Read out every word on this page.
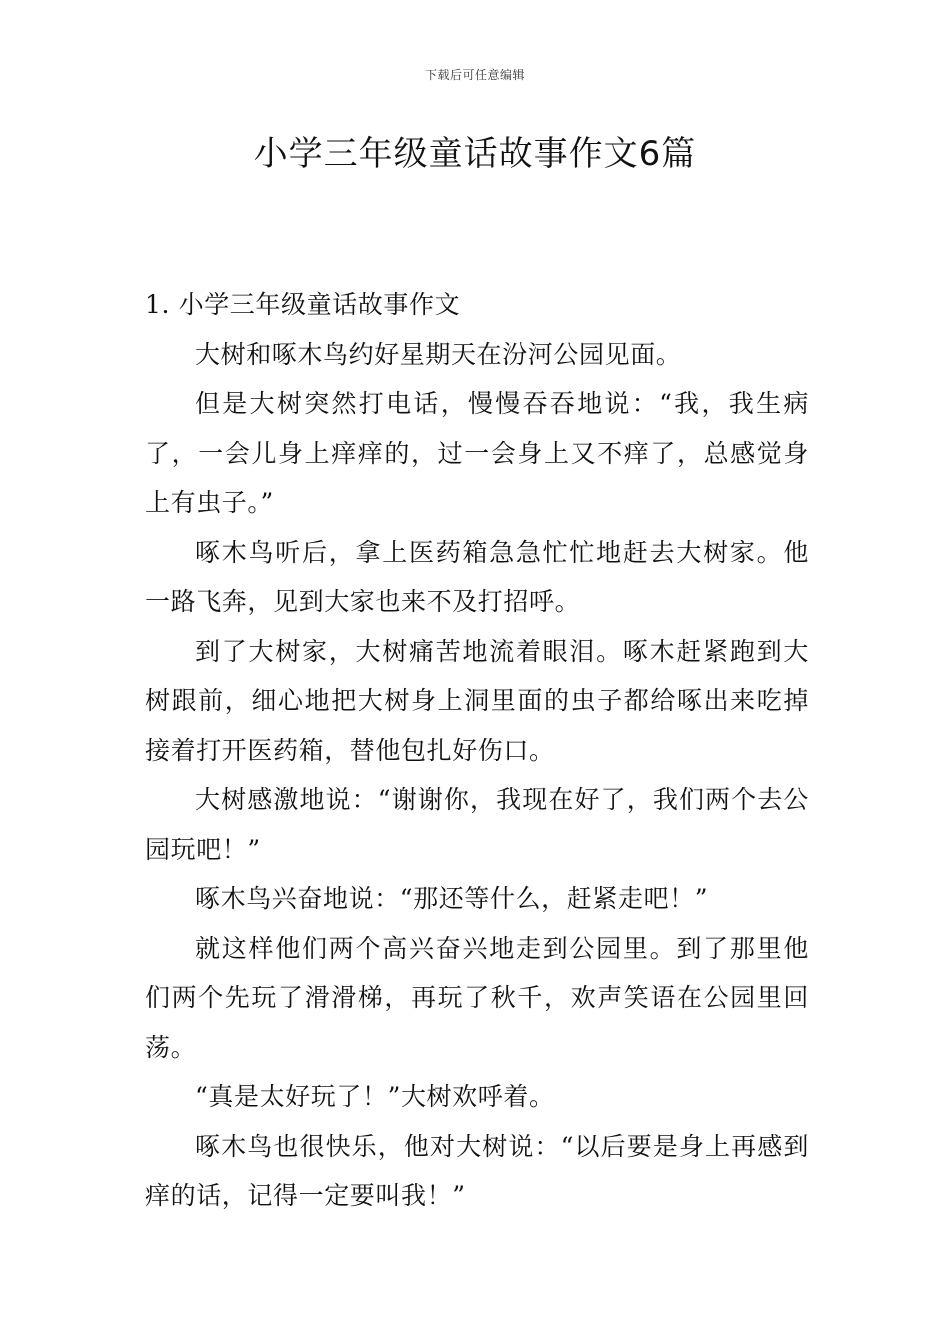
下载后可任意编辑
小学三年级童话故事作文6篇
1. 小学三年级童话故事作文

大树和啄木鸟约好星期天在汾河公园见面。

但是大树突然打电话，慢慢吞吞地说：“我，我生病了，一会儿身上痒痒的，过一会身上又不痒了，总感觉身上有虫子。”

啄木鸟听后，拿上医药箱急急忙忙地赶去大树家。他一路飞奔，见到大家也来不及打招呼。

到了大树家，大树痛苦地流着眼泪。啄木赶紧跑到大树跟前，细心地把大树身上洞里面的虫子都给啄出来吃掉接着打开医药箱，替他包扎好伤口。

大树感激地说：“谢谢你，我现在好了，我们两个去公园玩吧！”

啄木鸟兴奋地说：“那还等什么，赶紧走吧！”

就这样他们两个高兴奋兴地走到公园里。到了那里他们两个先玩了滑滑梯，再玩了秋千，欢声笑语在公园里回荡。

“真是太好玩了！”大树欢呼着。

啄木鸟也很快乐，他对大树说：“以后要是身上再感到痒的话，记得一定要叫我！”
